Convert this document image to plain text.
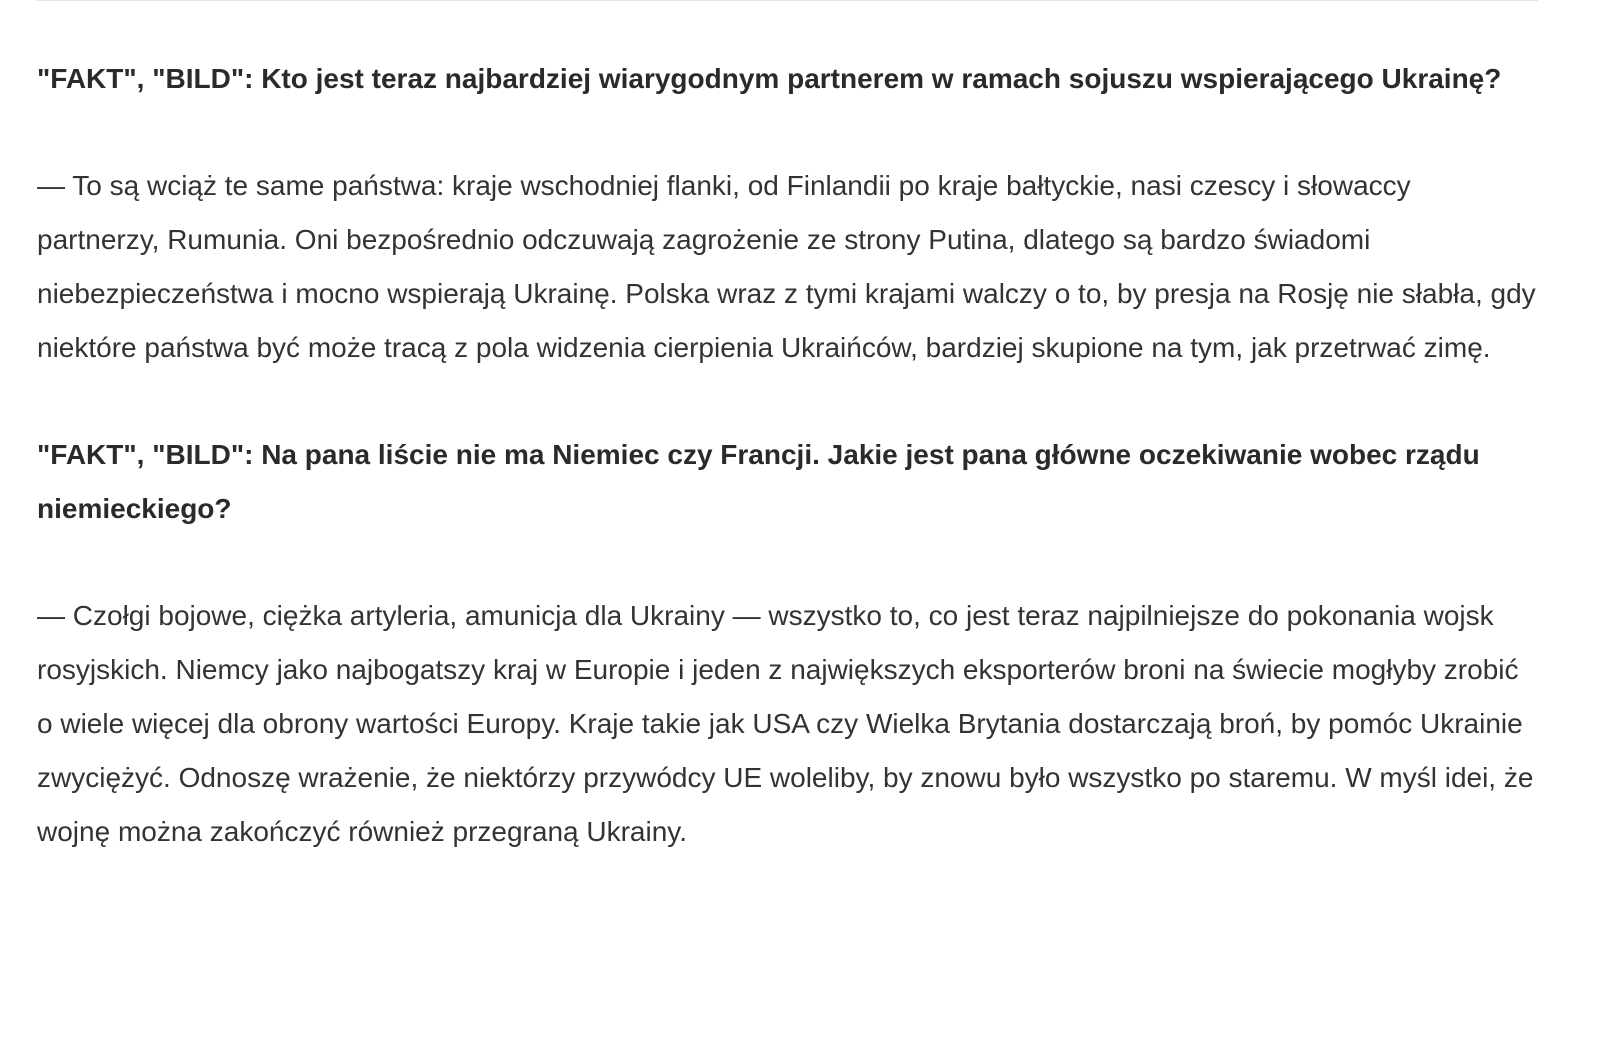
"FAKT", "BILD": Kto jest teraz najbardziej wiarygodnym partnerem w ramach sojuszu wspierającego Ukrainę?

— To są wciąż te same państwa: kraje wschodniej flanki, od Finlandii po kraje bałtyckie, nasi czescy i słowaccy partnerzy, Rumunia. Oni bezpośrednio odczuwają zagrożenie ze strony Putina, dlatego są bardzo świadomi niebezpieczeństwa i mocno wspierają Ukrainę. Polska wraz z tymi krajami walczy o to, by presja na Rosję nie słabła, gdy niektóre państwa być może tracą z pola widzenia cierpienia Ukraińców, bardziej skupione na tym, jak przetrwać zimę.

"FAKT", "BILD": Na pana liście nie ma Niemiec czy Francji. Jakie jest pana główne oczekiwanie wobec rządu niemieckiego?

— Czołgi bojowe, ciężka artyleria, amunicja dla Ukrainy — wszystko to, co jest teraz najpilniejsze do pokonania wojsk rosyjskich. Niemcy jako najbogatszy kraj w Europie i jeden z największych eksporterów broni na świecie mogłyby zrobić o wiele więcej dla obrony wartości Europy. Kraje takie jak USA czy Wielka Brytania dostarczają broń, by pomóc Ukrainie zwyciężyć. Odnoszę wrażenie, że niektórzy przywódcy UE woleliby, by znowu było wszystko po staremu. W myśl idei, że wojnę można zakończyć również przegraną Ukrainy.
